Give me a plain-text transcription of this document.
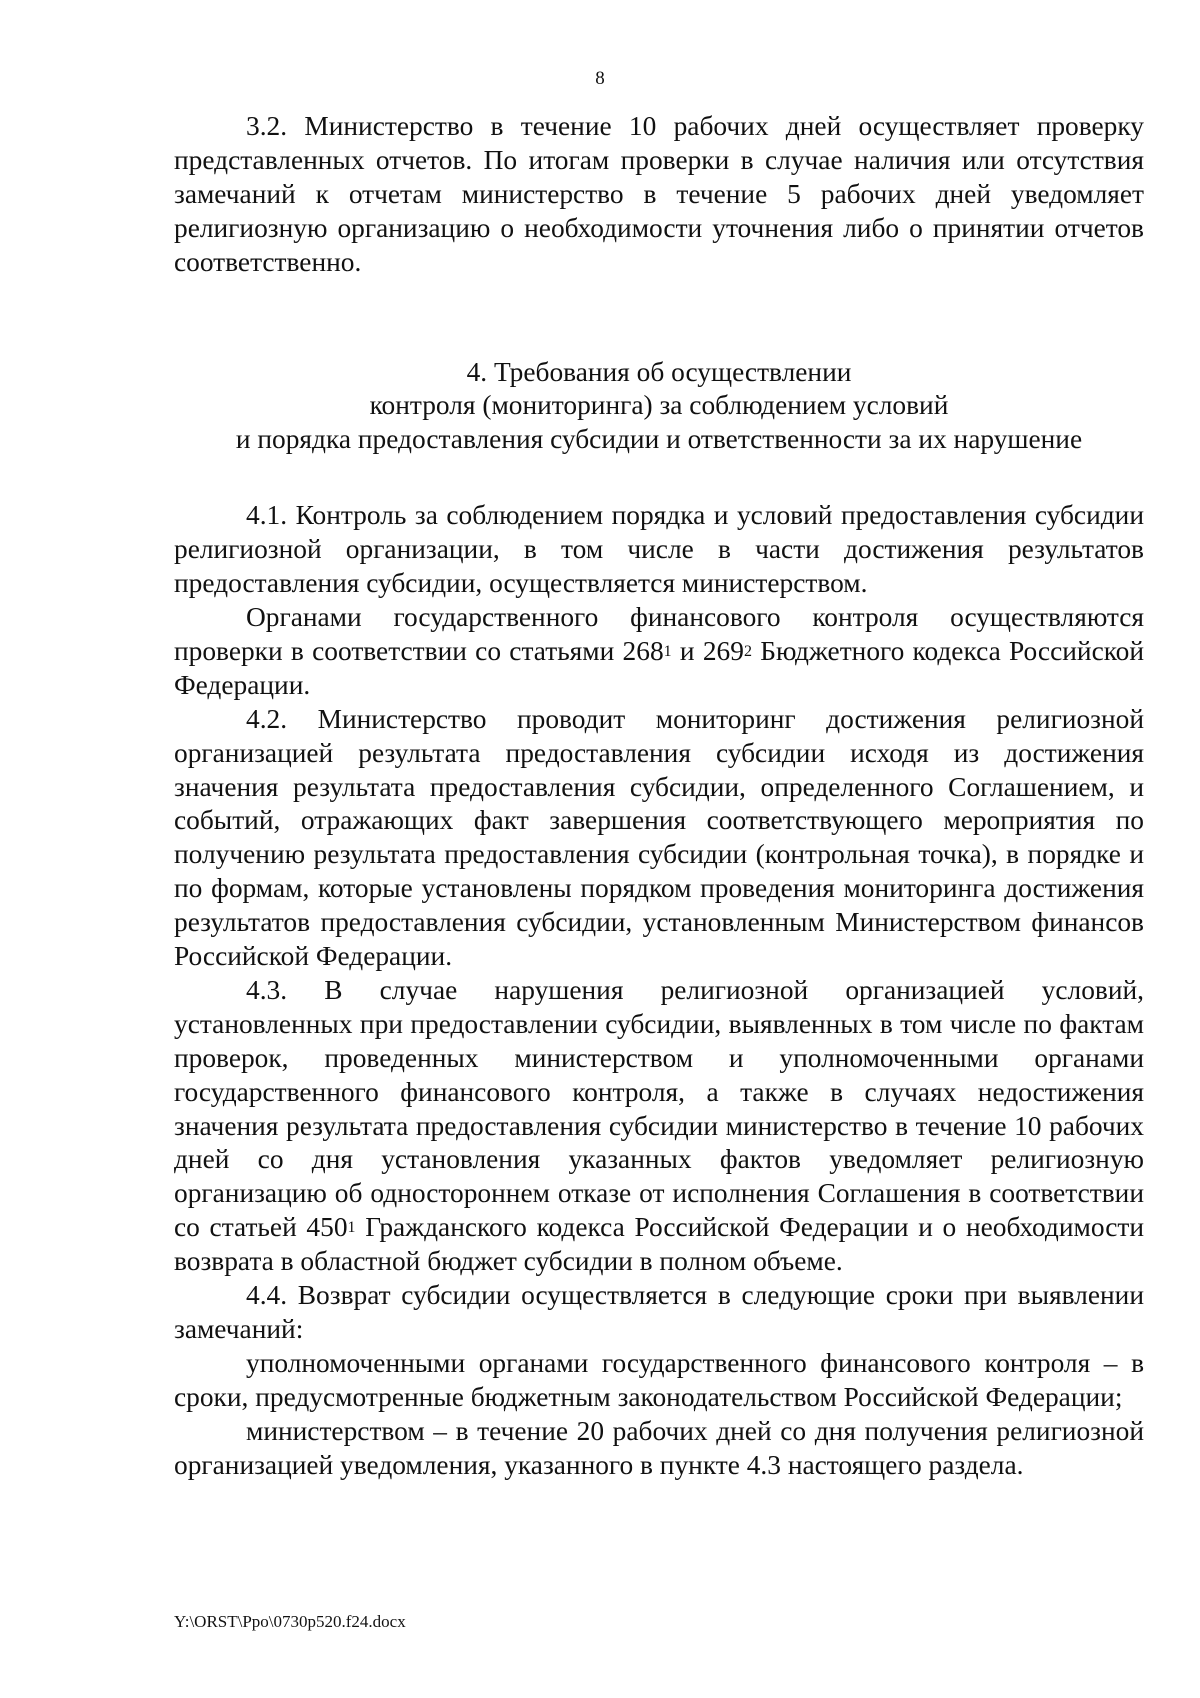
8

3.2. Министерство в течение 10 рабочих дней осуществляет проверку представленных отчетов. По итогам проверки в случае наличия или отсутствия замечаний к отчетам министерство в течение 5 рабочих дней уведомляет религиозную организацию о необходимости уточнения либо о принятии отчетов соответственно.

4. Требования об осуществлении
контроля (мониторинга) за соблюдением условий
и порядка предоставления субсидии и ответственности за их нарушение

4.1. Контроль за соблюдением порядка и условий предоставления субсидии религиозной организации, в том числе в части достижения результатов предоставления субсидии, осуществляется министерством.

Органами государственного финансового контроля осуществляются проверки в соответствии со статьями $268^1$ и $269^2$ Бюджетного кодекса Российской Федерации.

4.2. Министерство проводит мониторинг достижения религиозной организацией результата предоставления субсидии исходя из достижения значения результата предоставления субсидии, определенного Соглашением, и событий, отражающих факт завершения соответствующего мероприятия по получению результата предоставления субсидии (контрольная точка), в порядке и по формам, которые установлены порядком проведения мониторинга достижения результатов предоставления субсидии, установленным Министерством финансов Российской Федерации.

4.3. В случае нарушения религиозной организацией условий, установленных при предоставлении субсидии, выявленных в том числе по фактам проверок, проведенных министерством и уполномоченными органами государственного финансового контроля, а также в случаях недостижения значения результата предоставления субсидии министерство в течение 10 рабочих дней со дня установления указанных фактов уведомляет религиозную организацию об одностороннем отказе от исполнения Соглашения в соответствии со статьей $450^1$ Гражданского кодекса Российской Федерации и о необходимости возврата в областной бюджет субсидии в полном объеме.

4.4. Возврат субсидии осуществляется в следующие сроки при выявлении замечаний:

уполномоченными органами государственного финансового контроля – в сроки, предусмотренные бюджетным законодательством Российской Федерации;

министерством – в течение 20 рабочих дней со дня получения религиозной организацией уведомления, указанного в пункте 4.3 настоящего раздела.

Y:\ORST\Ppo\0730p520.f24.docx
